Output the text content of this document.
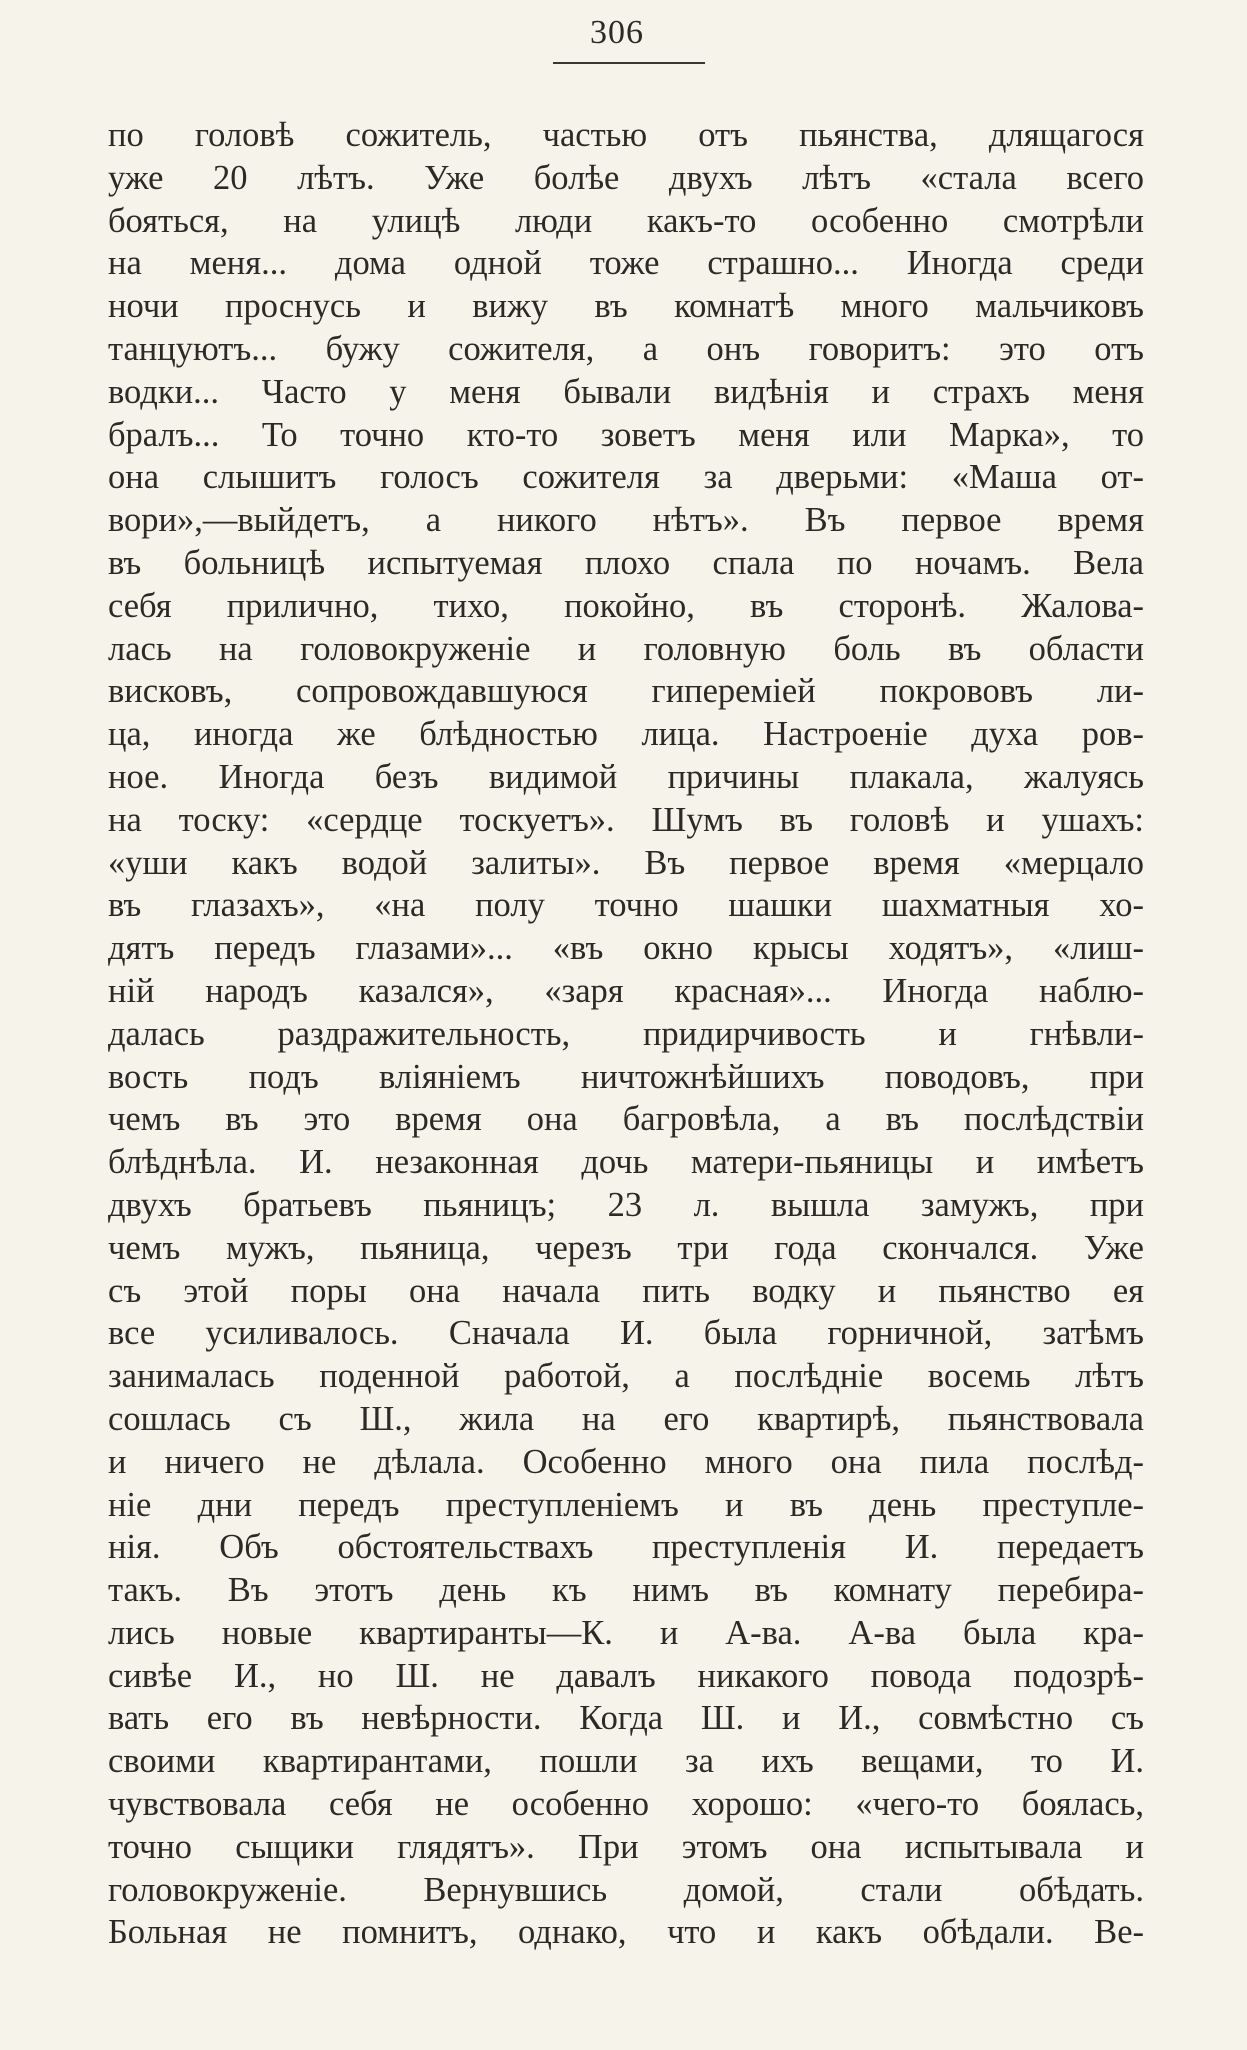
306
по головѣ сожитель, частью отъ пьянства, длящагося
уже 20 лѣтъ. Уже болѣе двухъ лѣтъ «стала всего
бояться, на улицѣ люди какъ-то особенно смотрѣли
на меня... дома одной тоже страшно... Иногда среди
ночи проснусь и вижу въ комнатѣ много мальчиковъ
танцуютъ... бужу сожителя, а онъ говоритъ: это отъ
водки... Часто у меня бывали видѣнія и страхъ меня
бралъ... То точно кто-то зоветъ меня или Марка», то
она слышитъ голосъ сожителя за дверьми: «Маша от-
вори»,—выйдетъ, а никого нѣтъ». Въ первое время
въ больницѣ испытуемая плохо спала по ночамъ. Вела
себя прилично, тихо, покойно, въ сторонѣ. Жалова-
лась на головокруженіе и головную боль въ области
висковъ, сопровождавшуюся гипереміей покрововъ ли-
ца, иногда же блѣдностью лица. Настроеніе духа ров-
ное. Иногда безъ видимой причины плакала, жалуясь
на тоску: «сердце тоскуетъ». Шумъ въ головѣ и ушахъ:
«уши какъ водой залиты». Въ первое время «мерцало
въ глазахъ», «на полу точно шашки шахматныя хо-
дятъ передъ глазами»... «въ окно крысы ходятъ», «лиш-
ній народъ казался», «заря красная»... Иногда наблю-
далась раздражительность, придирчивость и гнѣвли-
вость подъ вліяніемъ ничтожнѣйшихъ поводовъ, при
чемъ въ это время она багровѣла, а въ послѣдствіи
блѣднѣла. И. незаконная дочь матери-пьяницы и имѣетъ
двухъ братьевъ пьяницъ; 23 л. вышла замужъ, при
чемъ мужъ, пьяница, черезъ три года скончался. Уже
съ этой поры она начала пить водку и пьянство ея
все усиливалось. Сначала И. была горничной, затѣмъ
занималась поденной работой, а послѣдніе восемь лѣтъ
сошлась съ Ш., жила на его квартирѣ, пьянствовала
и ничего не дѣлала. Особенно много она пила послѣд-
ніе дни передъ преступленіемъ и въ день преступле-
нія. Объ обстоятельствахъ преступленія И. передаетъ
такъ. Въ этотъ день къ нимъ въ комнату перебира-
лись новые квартиранты—К. и А-ва. А-ва была кра-
сивѣе И., но Ш. не давалъ никакого повода подозрѣ-
вать его въ невѣрности. Когда Ш. и И., совмѣстно съ
своими квартирантами, пошли за ихъ вещами, то И.
чувствовала себя не особенно хорошо: «чего-то боялась,
точно сыщики глядятъ». При этомъ она испытывала и
головокруженіе. Вернувшись домой, стали обѣдать.
Больная не помнитъ, однако, что и какъ обѣдали. Ве-
